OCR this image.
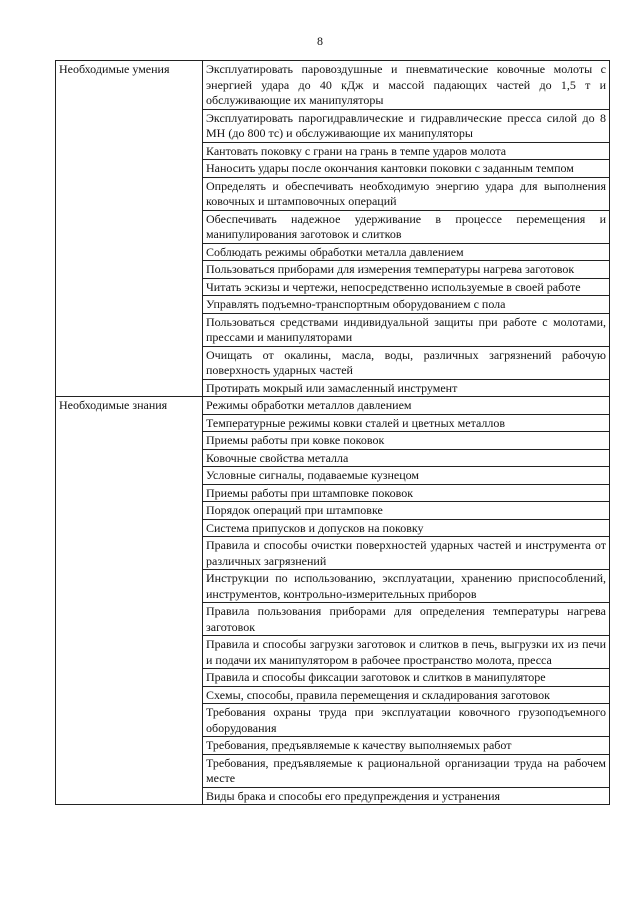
8
Необходимые умения	Эксплуатировать паровоздушные и пневматические ковочные молоты с энергией удара до 40 кДж и массой падающих частей до 1,5 т и обслуживающие их манипуляторы
	Эксплуатировать парогидравлические и гидравлические пресса силой до 8 МН (до 800 тс) и обслуживающие их манипуляторы
	Кантовать поковку с грани на грань в темпе ударов молота
	Наносить удары после окончания кантовки поковки с заданным темпом
	Определять и обеспечивать необходимую энергию удара для выполнения ковочных и штамповочных операций
	Обеспечивать надежное удерживание в процессе перемещения и манипулирования заготовок и слитков
	Соблюдать режимы обработки металла давлением
	Пользоваться приборами для измерения температуры нагрева заготовок
	Читать эскизы и чертежи, непосредственно используемые в своей работе
	Управлять подъемно-транспортным оборудованием с пола
	Пользоваться средствами индивидуальной защиты при работе с молотами, прессами и манипуляторами
	Очищать от окалины, масла, воды, различных загрязнений рабочую поверхность ударных частей
	Протирать мокрый или замасленный инструмент
Необходимые знания	Режимы обработки металлов давлением
	Температурные режимы ковки сталей и цветных металлов
	Приемы работы при ковке поковок
	Ковочные свойства металла
	Условные сигналы, подаваемые кузнецом
	Приемы работы при штамповке поковок
	Порядок операций при штамповке
	Система припусков и допусков на поковку
	Правила и способы очистки поверхностей ударных частей и инструмента от различных загрязнений
	Инструкции по использованию, эксплуатации, хранению приспособлений, инструментов, контрольно-измерительных приборов
	Правила пользования приборами для определения температуры нагрева заготовок
	Правила и способы загрузки заготовок и слитков в печь, выгрузки их из печи и подачи их манипулятором в рабочее пространство молота, пресса
	Правила и способы фиксации заготовок и слитков в манипуляторе
	Схемы, способы, правила перемещения и складирования заготовок
	Требования охраны труда при эксплуатации ковочного грузоподъемного оборудования
	Требования, предъявляемые к качеству выполняемых работ
	Требования, предъявляемые к рациональной организации труда на рабочем месте
	Виды брака и способы его предупреждения и устранения
